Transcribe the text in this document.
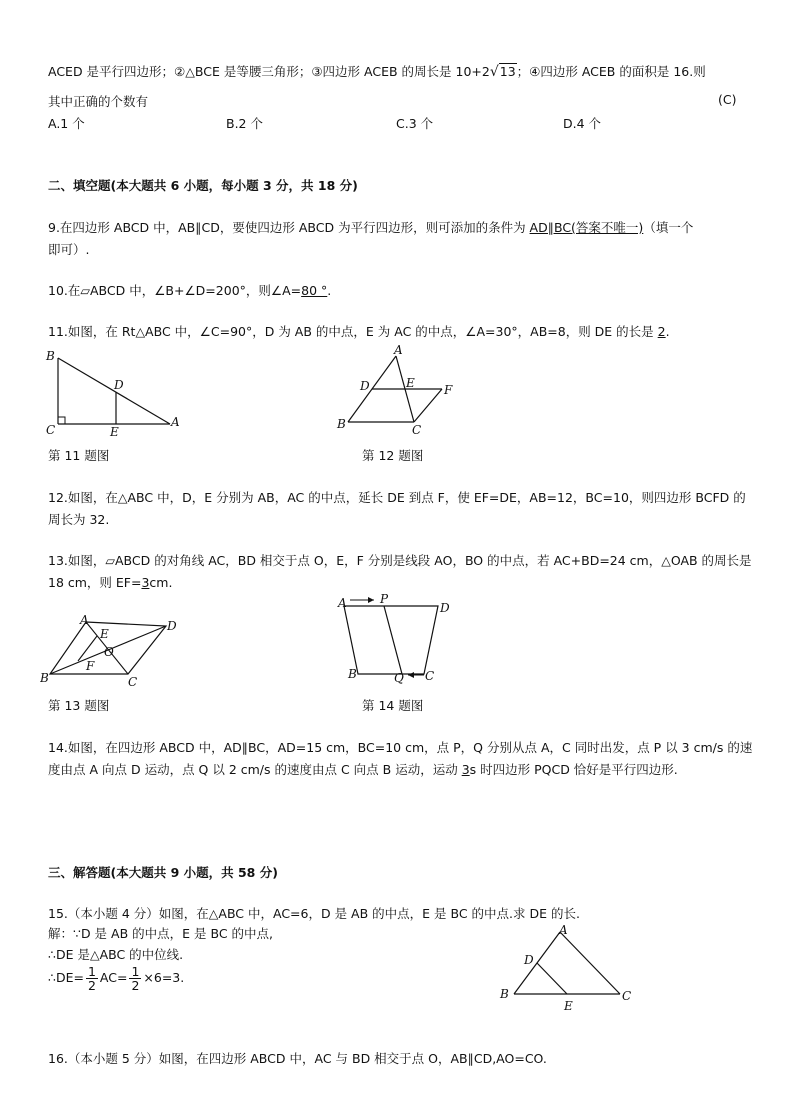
ACED 是平行四边形；②△BCE 是等腰三角形；③四边形 ACEB 的周长是 10+2√13；④四边形 ACEB 的面积是 16.则
其中正确的个数有	(C)
A.1 个	B.2 个	C.3 个	D.4 个
二、填空题(本大题共 6 小题，每小题 3 分，共 18 分)
9.在四边形 ABCD 中，AB∥CD，要使四边形 ABCD 为平行四边形，则可添加的条件为 AD∥BC(答案不唯一)（填一个
即可）.
10.在▱ABCD 中，∠B+∠D=200°，则∠A=80 °.
11.如图，在 Rt△ABC 中，∠C=90°，D 为 AB 的中点，E 为 AC 的中点，∠A=30°，AB=8，则 DE 的长是 2.
B
D
C	E
A
第 11 题图
A
D	E F
B	C
第 12 题图
12.如图，在△ABC 中，D，E 分别为 AB，AC 的中点，延长 DE 到点 F，使 EF=DE，AB=12，BC=10，则四边形 BCFD 的
周长为 32.
13.如图，▱ABCD 的对角线 AC，BD 相交于点 O，E，F 分别是线段 AO，BO 的中点，若 AC+BD=24 cm，△OAB 的周长是
18 cm，则 EF=3cm.
A
E
D
O
F
B	C
第 13 题图
A	P
D
B	Q C
第 14 题图
14.如图，在四边形 ABCD 中，AD∥BC，AD=15 cm，BC=10 cm，点 P，Q 分别从点 A，C 同时出发，点 P 以 3 cm/s 的速
度由点 A 向点 D 运动，点 Q 以 2 cm/s 的速度由点 C 向点 B 运动，运动 3s 时四边形 PQCD 恰好是平行四边形.
三、解答题(本大题共 9 小题，共 58 分)
15.（本小题 4 分）如图，在△ABC 中，AC=6，D 是 AB 的中点，E 是 BC 的中点.求 DE 的长.
解：∵D 是 AB 的中点，E 是 BC 的中点,
∴DE 是△ABC 的中位线.
∴DE= $\frac{1}{2} AC= \frac{1}{2} \times 6=3$.
A
D
B
E
C
16.（本小题 5 分）如图，在四边形 ABCD 中，AC 与 BD 相交于点 O，AB∥CD,AO=CO.
